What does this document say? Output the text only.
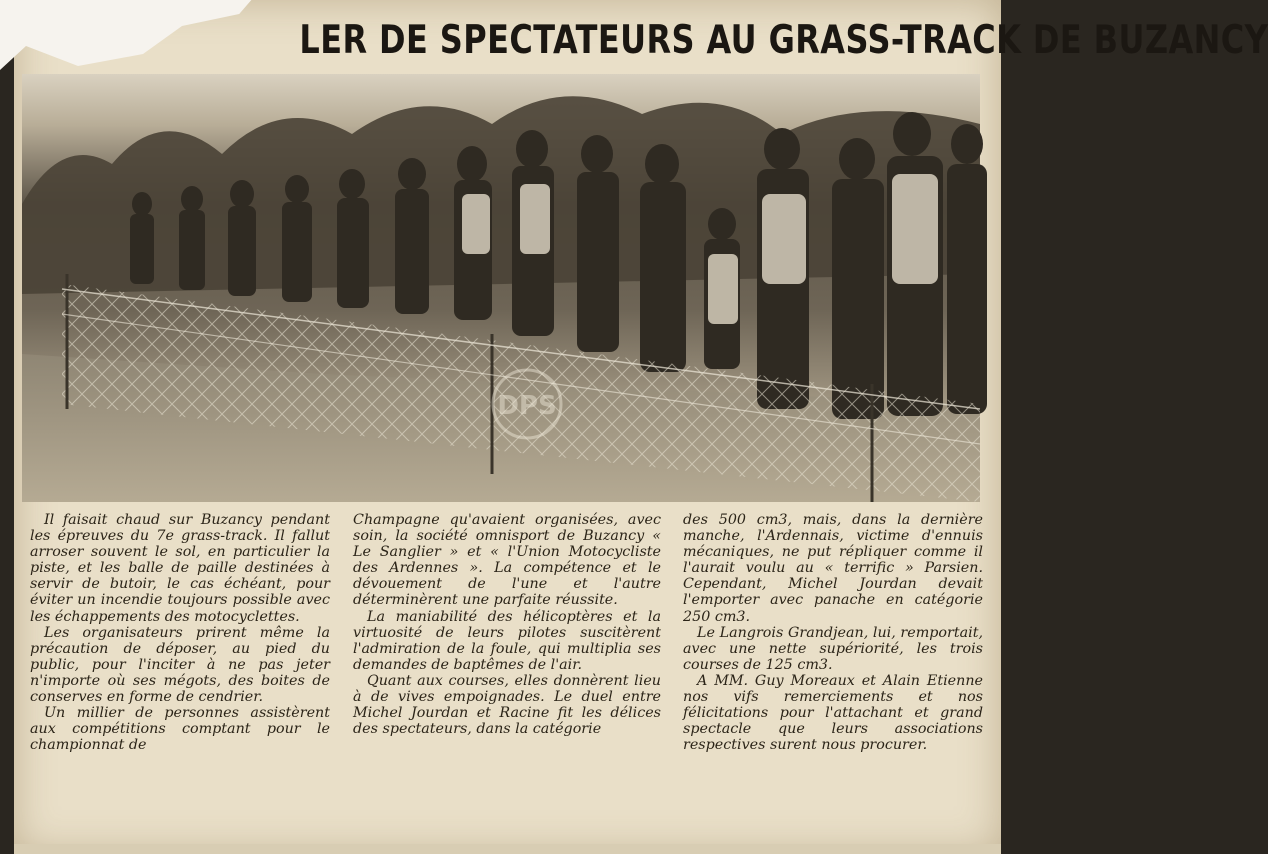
LER DE SPECTATEURS AU GRASS-TRACK DE BUZANCY
DPS

Il faisait chaud sur Buzancy pendant les épreuves du 7e grass-track. Il fallut arroser souvent le sol, en particulier la piste, et les balle de paille destinées à servir de butoir, le cas échéant, pour éviter un incendie toujours possible avec les échappements des motocyclettes.

Les organisateurs prirent même la précaution de déposer, au pied du public, pour l'inciter à ne pas jeter n'importe où ses mégots, des boites de conserves en forme de cendrier.

Un millier de personnes assistèrent aux compétitions comptant pour le championnat de

Champagne qu'avaient organisées, avec soin, la société omnisport de Buzancy « Le Sanglier » et « l'Union Motocycliste des Ardennes ». La compétence et le dévouement de l'une et l'autre déterminèrent une parfaite réussite.

La maniabilité des hélicoptères et la virtuosité de leurs pilotes suscitèrent l'admiration de la foule, qui multiplia ses demandes de baptêmes de l'air.

Quant aux courses, elles donnèrent lieu à de vives empoignades. Le duel entre Michel Jourdan et Racine fit les délices des spectateurs, dans la catégorie

des 500 cm3, mais, dans la dernière manche, l'Ardennais, victime d'ennuis mécaniques, ne put répliquer comme il l'aurait voulu au « terrific » Parsien. Cependant, Michel Jourdan devait l'emporter avec panache en catégorie 250 cm3.

Le Langrois Grandjean, lui, remportait, avec une nette supériorité, les trois courses de 125 cm3.

A MM. Guy Moreaux et Alain Etienne nos vifs remerciements et nos félicitations pour l'attachant et grand spectacle que leurs associations respectives surent nous procurer.
